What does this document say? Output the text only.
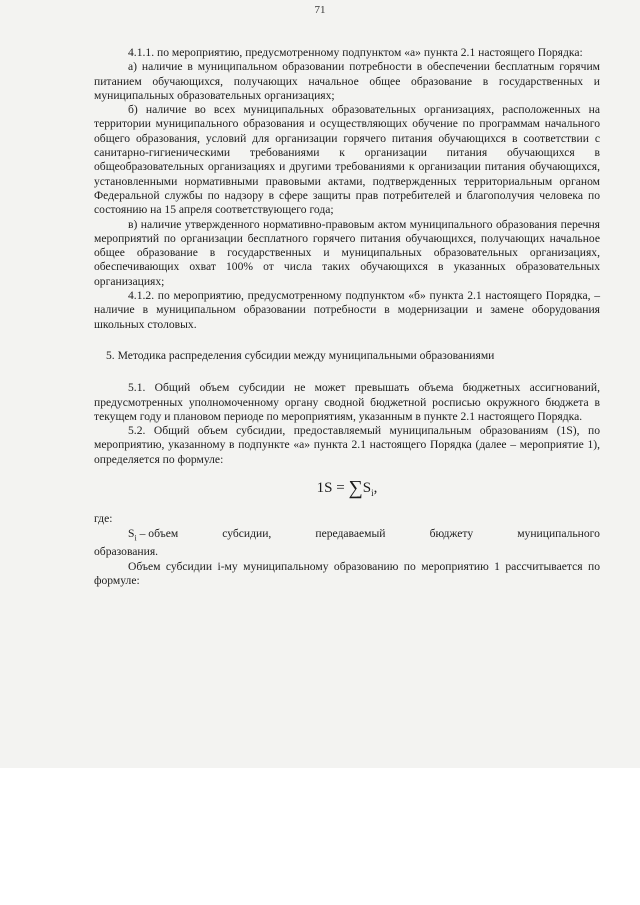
71

4.1.1. по мероприятию, предусмотренному подпунктом «а» пункта 2.1 настоящего Порядка:

а) наличие в муниципальном образовании потребности в обеспечении бесплатным горячим питанием обучающихся, получающих начальное общее образование в государственных и муниципальных образовательных организациях;

б) наличие во всех муниципальных образовательных организациях, расположенных на территории муниципального образования и осуществляющих обучение по программам начального общего образования, условий для организации горячего питания обучающихся в соответствии с санитарно-гигиеническими требованиями к организации питания обучающихся в общеобразовательных организациях и другими требованиями к организации питания обучающихся, установленными нормативными правовыми актами, подтвержденных территориальным органом Федеральной службы по надзору в сфере защиты прав потребителей и благополучия человека по состоянию на 15 апреля соответствующего года;

в) наличие утвержденного нормативно-правовым актом муниципального образования перечня мероприятий по организации бесплатного горячего питания обучающихся, получающих начальное общее образование в государственных и муниципальных образовательных организациях, обеспечивающих охват 100% от числа таких обучающихся в указанных образовательных организациях;

4.1.2. по мероприятию, предусмотренному подпунктом «б» пункта 2.1 настоящего Порядка, – наличие в муниципальном образовании потребности в модернизации и замене оборудования школьных столовых.

5. Методика распределения субсидии между муниципальными образованиями

5.1. Общий объем субсидии не может превышать объема бюджетных ассигнований, предусмотренных уполномоченному органу сводной бюджетной росписью окружного бюджета в текущем году и плановом периоде по мероприятиям, указанным в пункте 2.1 настоящего Порядка.

5.2. Общий объем субсидии, предоставляемый муниципальным образованиям (1S), по мероприятию, указанному в подпункте «а» пункта 2.1 настоящего Порядка (далее – мероприятие 1), определяется по формуле:

$1S = \sum S_i$,

где:

$S_i$ – объем	субсидии,	передаваемый	бюджету	муниципального

образования.

Объем субсидии i-му муниципальному образованию по мероприятию 1 рассчитывается по формуле:
